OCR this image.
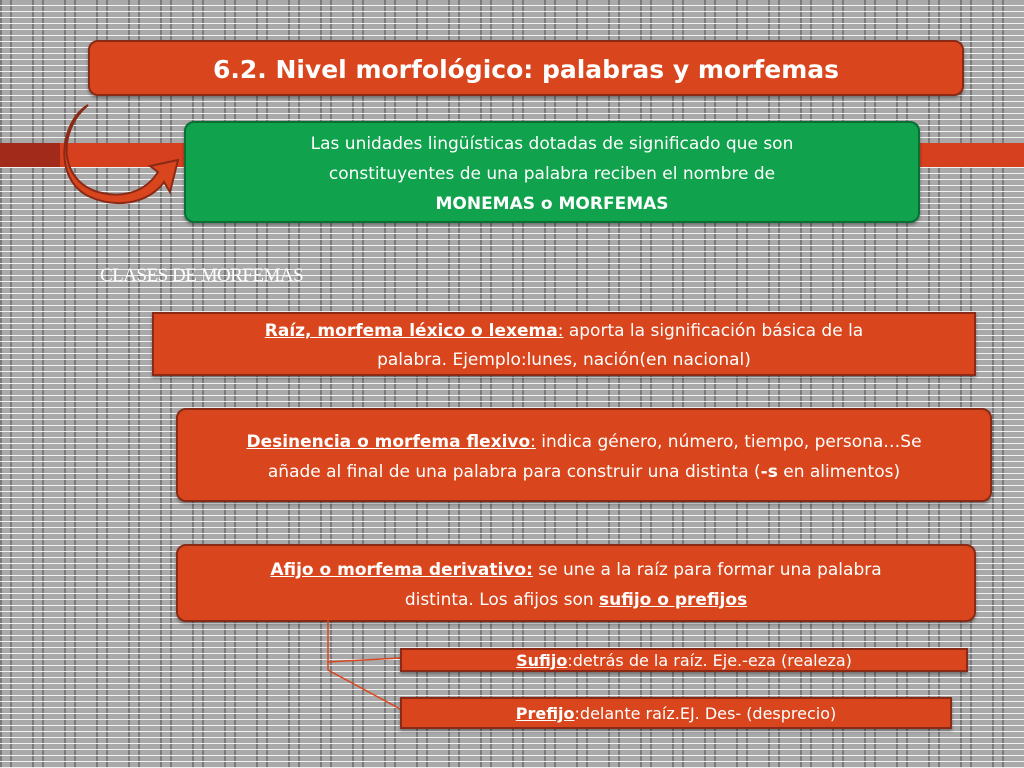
6.2. Nivel morfológico: palabras y morfemas
Las unidades lingüísticas dotadas de significado que son
constituyentes de una palabra reciben el nombre de
MONEMAS o MORFEMAS
CLASES DE MORFEMAS
Raíz, morfema léxico o lexema: aporta la significación básica de la
palabra. Ejemplo:lunes, nación(en nacional)
Desinencia o morfema flexivo: indica género, número, tiempo, persona…Se
añade al final de una palabra para construir una distinta (-s en alimentos)
Afijo o morfema derivativo: se une a la raíz para formar una palabra
distinta. Los afijos son sufijo o prefijos
Sufijo:detrás de la raíz. Eje.-eza (realeza)
Prefijo:delante raíz.EJ. Des- (desprecio)
